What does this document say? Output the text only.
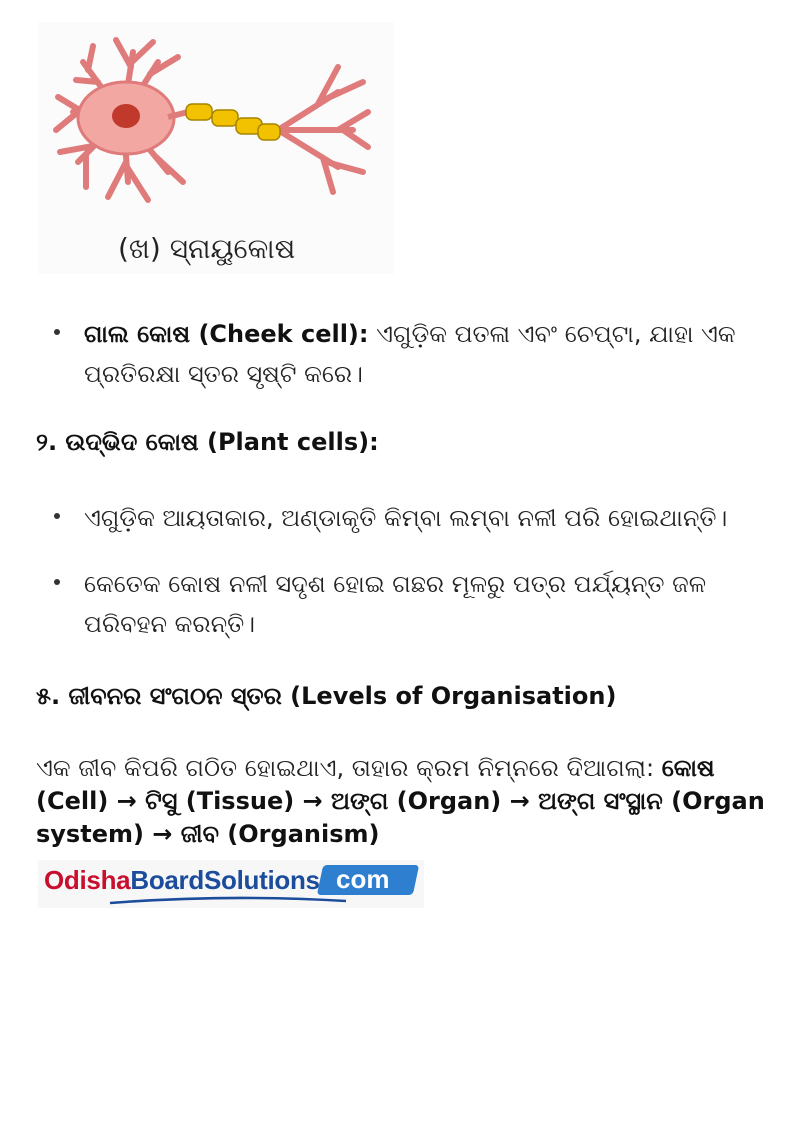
(ଖ) ସ୍ନାୟୁକୋଷ
ଗାଲ କୋଷ (Cheek cell): ଏଗୁଡ଼ିକ ପତଳା ଏବଂ ଚେପ୍ଟା, ଯାହା ଏକ ପ୍ରତିରକ୍ଷା ସ୍ତର ସୃଷ୍ଟି କରେ।
୨. ଉଦ୍ଭିଦ କୋଷ (Plant cells):
ଏଗୁଡ଼ିକ ଆୟତାକାର, ଅଣ୍ଡାକୃତି କିମ୍ବା ଲମ୍ବା ନଳୀ ପରି ହୋଇଥାନ୍ତି।
କେତେକ କୋଷ ନଳୀ ସଦୃଶ ହୋଇ ଗଛର ମୂଳରୁ ପତ୍ର ପର୍ଯ୍ୟନ୍ତ ଜଳ ପରିବହନ କରନ୍ତି।
୫. ଜୀବନର ସଂଗଠନ ସ୍ତର (Levels of Organisation)
ଏକ ଜୀବ କିପରି ଗଠିତ ହୋଇଥାଏ, ତାହାର କ୍ରମ ନିମ୍ନରେ ଦିଆଗଲା: କୋଷ (Cell) → ଟିସୁ (Tissue) → ଅଙ୍ଗ (Organ) → ଅଙ୍ଗ ସଂସ୍ଥାନ (Organ system) → ଜୀବ (Organism)
OdishaBoardSolutions com
